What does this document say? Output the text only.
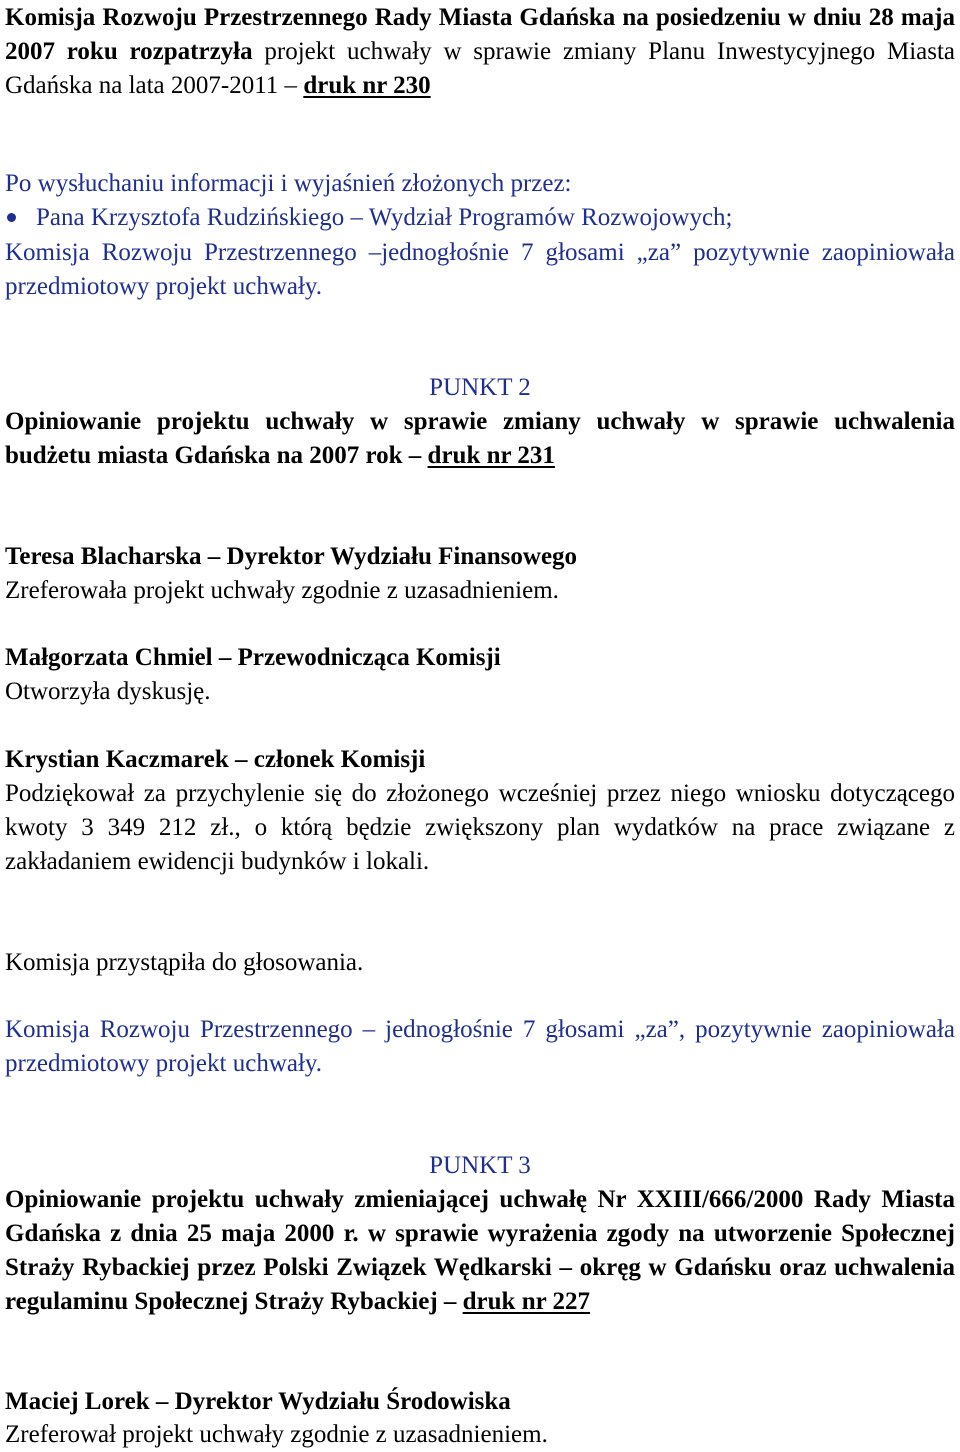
Komisja Rozwoju Przestrzennego Rady Miasta Gdańska na posiedzeniu w dniu 28 maja 2007 roku rozpatrzyła projekt uchwały w sprawie zmiany Planu Inwestycyjnego Miasta Gdańska na lata 2007-2011 – druk nr 230

Po wysłuchaniu informacji i wyjaśnień złożonych przez:

Pana Krzysztofa Rudzińskiego – Wydział Programów Rozwojowych;

Komisja Rozwoju Przestrzennego –jednogłośnie 7 głosami „za” pozytywnie zaopiniowała przedmiotowy projekt uchwały.

PUNKT 2

Opiniowanie projektu uchwały w sprawie zmiany uchwały w sprawie uchwalenia budżetu miasta Gdańska na 2007 rok – druk nr 231

Teresa Blacharska – Dyrektor Wydziału Finansowego

Zreferowała projekt uchwały zgodnie z uzasadnieniem.

Małgorzata Chmiel – Przewodnicząca Komisji

Otworzyła dyskusję.

Krystian Kaczmarek – członek Komisji

Podziękował za przychylenie się do złożonego wcześniej przez niego wniosku dotyczącego kwoty 3 349 212 zł., o którą będzie zwiększony plan wydatków na prace związane z zakładaniem ewidencji budynków i lokali.

Komisja przystąpiła do głosowania.

Komisja Rozwoju Przestrzennego – jednogłośnie 7 głosami „za”, pozytywnie zaopiniowała przedmiotowy projekt uchwały.

PUNKT 3

Opiniowanie projektu uchwały zmieniającej uchwałę Nr XXIII/666/2000 Rady Miasta Gdańska z dnia 25 maja 2000 r. w sprawie wyrażenia zgody na utworzenie Społecznej Straży Rybackiej przez Polski Związek Wędkarski – okręg w Gdańsku oraz uchwalenia regulaminu Społecznej Straży Rybackiej – druk nr 227

Maciej Lorek – Dyrektor Wydziału Środowiska

Zreferował projekt uchwały zgodnie z uzasadnieniem.
